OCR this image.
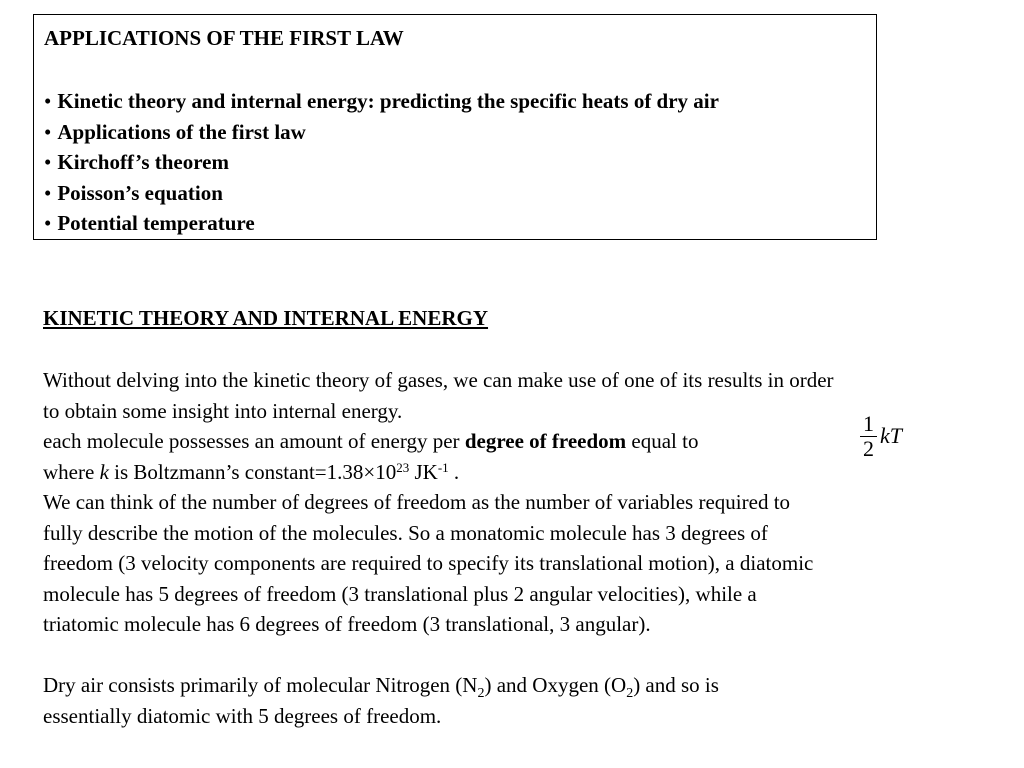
APPLICATIONS OF THE FIRST LAW
• Kinetic theory and internal energy: predicting the specific heats of dry air
• Applications of the first law
• Kirchoff’s theorem
• Poisson’s equation
• Potential temperature
KINETIC THEORY AND INTERNAL ENERGY
Without delving into the kinetic theory of gases, we can make use of one of its results in order
to obtain some insight into internal energy.
each molecule possesses an amount of energy per degree of freedom equal to	$\frac{1}{2}$ kT
where k is Boltzmann’s $constant=1.38\times 10^{23}$ $JK^{-1}$ .
We can think of the number of degrees of freedom as the number of variables required to
fully describe the motion of the molecules. So a monatomic molecule has 3 degrees of
freedom (3 velocity components are required to specify its translational motion), a diatomic
molecule has 5 degrees of freedom (3 translational plus 2 angular velocities), while a
triatomic molecule has 6 degrees of freedom (3 translational, 3 angular).
Dry air consists primarily of molecular Nitrogen $(N_2)$ and Oxygen $(O_2)$ and so is
essentially diatomic with 5 degrees of freedom.
